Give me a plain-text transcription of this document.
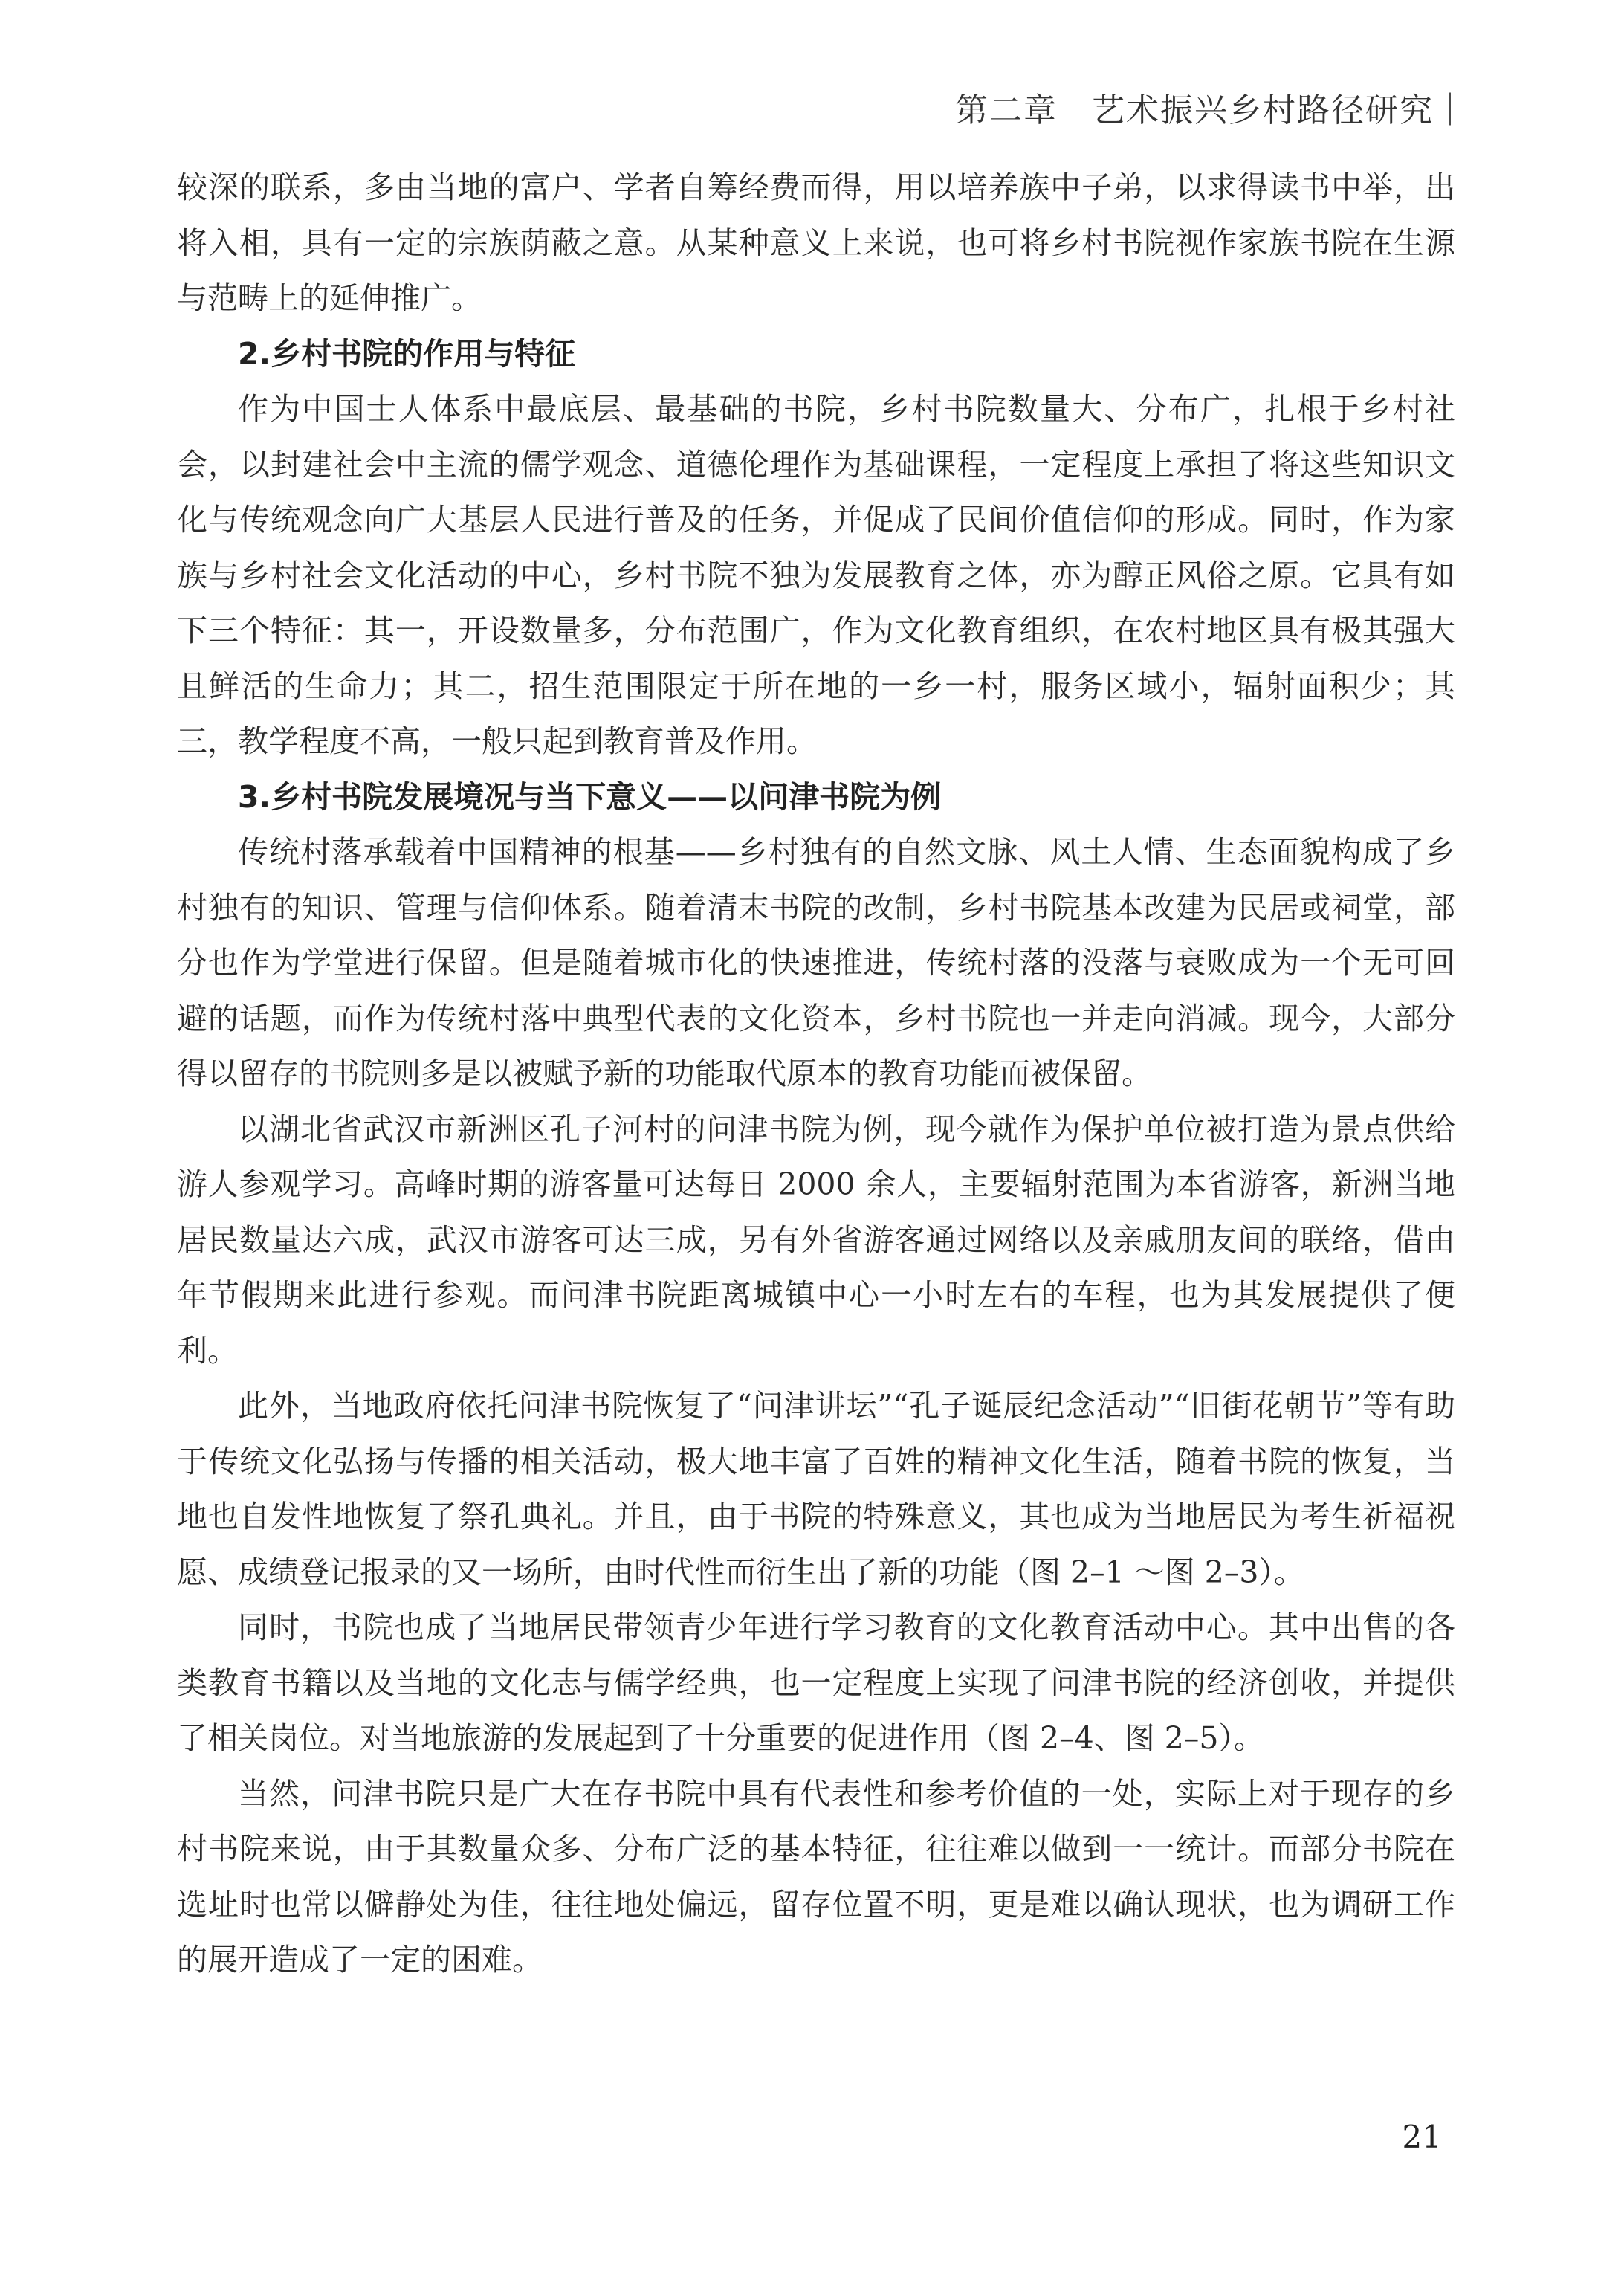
第二章　艺术振兴乡村路径研究｜

较深的联系，多由当地的富户、学者自筹经费而得，用以培养族中子弟，以求得读书中举，出将入相，具有一定的宗族荫蔽之意。从某种意义上来说，也可将乡村书院视作家族书院在生源与范畴上的延伸推广。

2.乡村书院的作用与特征

作为中国士人体系中最底层、最基础的书院，乡村书院数量大、分布广，扎根于乡村社会，以封建社会中主流的儒学观念、道德伦理作为基础课程，一定程度上承担了将这些知识文化与传统观念向广大基层人民进行普及的任务，并促成了民间价值信仰的形成。同时，作为家族与乡村社会文化活动的中心，乡村书院不独为发展教育之体，亦为醇正风俗之原。它具有如下三个特征：其一，开设数量多，分布范围广，作为文化教育组织，在农村地区具有极其强大且鲜活的生命力；其二，招生范围限定于所在地的一乡一村，服务区域小，辐射面积少；其三，教学程度不高，一般只起到教育普及作用。

3.乡村书院发展境况与当下意义——以问津书院为例

传统村落承载着中国精神的根基——乡村独有的自然文脉、风土人情、生态面貌构成了乡村独有的知识、管理与信仰体系。随着清末书院的改制，乡村书院基本改建为民居或祠堂，部分也作为学堂进行保留。但是随着城市化的快速推进，传统村落的没落与衰败成为一个无可回避的话题，而作为传统村落中典型代表的文化资本，乡村书院也一并走向消减。现今，大部分得以留存的书院则多是以被赋予新的功能取代原本的教育功能而被保留。

以湖北省武汉市新洲区孔子河村的问津书院为例，现今就作为保护单位被打造为景点供给游人参观学习。高峰时期的游客量可达每日 2000 余人，主要辐射范围为本省游客，新洲当地居民数量达六成，武汉市游客可达三成，另有外省游客通过网络以及亲戚朋友间的联络，借由年节假期来此进行参观。而问津书院距离城镇中心一小时左右的车程，也为其发展提供了便利。

此外，当地政府依托问津书院恢复了“问津讲坛”“孔子诞辰纪念活动”“旧街花朝节”等有助于传统文化弘扬与传播的相关活动，极大地丰富了百姓的精神文化生活，随着书院的恢复，当地也自发性地恢复了祭孔典礼。并且，由于书院的特殊意义，其也成为当地居民为考生祈福祝愿、成绩登记报录的又一场所，由时代性而衍生出了新的功能（图 2–1 ～图 2–3）。

同时，书院也成了当地居民带领青少年进行学习教育的文化教育活动中心。其中出售的各类教育书籍以及当地的文化志与儒学经典，也一定程度上实现了问津书院的经济创收，并提供了相关岗位。对当地旅游的发展起到了十分重要的促进作用（图 2–4、图 2–5）。

当然，问津书院只是广大在存书院中具有代表性和参考价值的一处，实际上对于现存的乡村书院来说，由于其数量众多、分布广泛的基本特征，往往难以做到一一统计。而部分书院在选址时也常以僻静处为佳，往往地处偏远，留存位置不明，更是难以确认现状，也为调研工作的展开造成了一定的困难。

21
